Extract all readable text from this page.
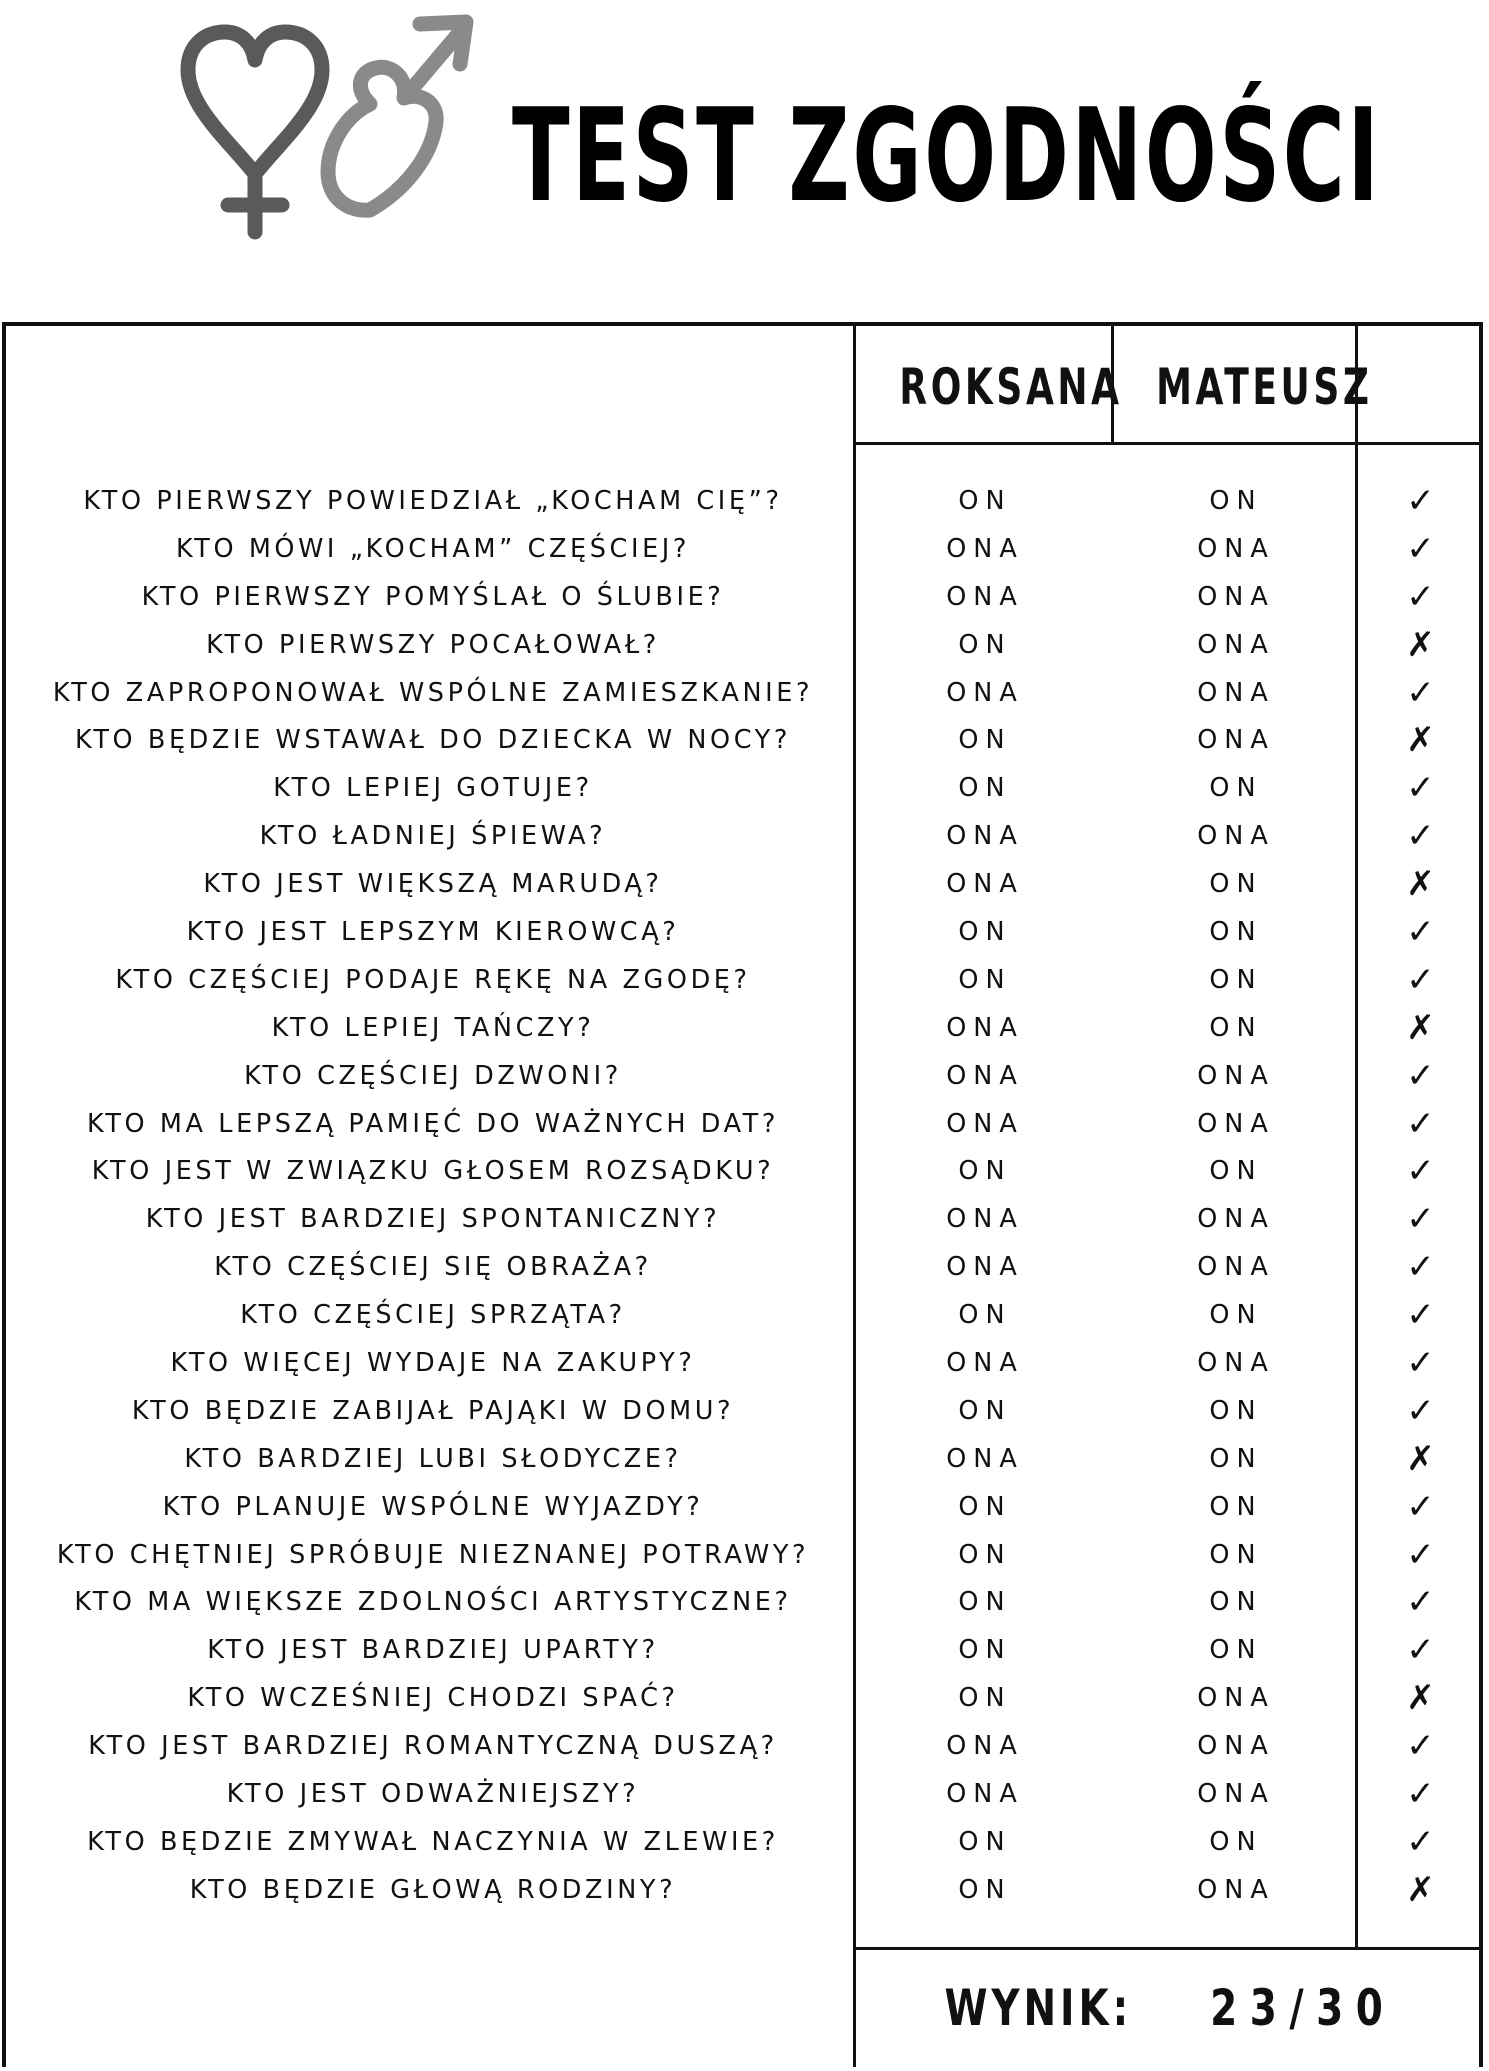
TEST ZGODNOŚCI
ROKSANA MATEUSZ
KTO PIERWSZY POWIEDZIAŁ „KOCHAM CIĘ”?	ON	ON	✓
KTO MÓWI „KOCHAM” CZĘŚCIEJ?	ONA	ONA	✓
KTO PIERWSZY POMYŚLAŁ O ŚLUBIE?	ONA	ONA	✓
KTO PIERWSZY POCAŁOWAŁ?	ON	ONA	✗
KTO ZAPROPONOWAŁ WSPÓLNE ZAMIESZKANIE?	ONA	ONA	✓
KTO BĘDZIE WSTAWAŁ DO DZIECKA W NOCY?	ON	ONA	✗
KTO LEPIEJ GOTUJE?	ON	ON	✓
KTO ŁADNIEJ ŚPIEWA?	ONA	ONA	✓
KTO JEST WIĘKSZĄ MARUDĄ?	ONA	ON	✗
KTO JEST LEPSZYM KIEROWCĄ?	ON	ON	✓
KTO CZĘŚCIEJ PODAJE RĘKĘ NA ZGODĘ?	ON	ON	✓
KTO LEPIEJ TAŃCZY?	ONA	ON	✗
KTO CZĘŚCIEJ DZWONI?	ONA	ONA	✓
KTO MA LEPSZĄ PAMIĘĆ DO WAŻNYCH DAT?	ONA	ONA	✓
KTO JEST W ZWIĄZKU GŁOSEM ROZSĄDKU?	ON	ON	✓
KTO JEST BARDZIEJ SPONTANICZNY?	ONA	ONA	✓
KTO CZĘŚCIEJ SIĘ OBRAŻA?	ONA	ONA	✓
KTO CZĘŚCIEJ SPRZĄTA?	ON	ON	✓
KTO WIĘCEJ WYDAJE NA ZAKUPY?	ONA	ONA	✓
KTO BĘDZIE ZABIJAŁ PAJĄKI W DOMU?	ON	ON	✓
KTO BARDZIEJ LUBI SŁODYCZE?	ONA	ON	✗
KTO PLANUJE WSPÓLNE WYJAZDY?	ON	ON	✓
KTO CHĘTNIEJ SPRÓBUJE NIEZNANEJ POTRAWY?	ON	ON	✓
KTO MA WIĘKSZE ZDOLNOŚCI ARTYSTYCZNE?	ON	ON	✓
KTO JEST BARDZIEJ UPARTY?	ON	ON	✓
KTO WCZEŚNIEJ CHODZI SPAĆ?	ON	ONA	✗
KTO JEST BARDZIEJ ROMANTYCZNĄ DUSZĄ?	ONA	ONA	✓
KTO JEST ODWAŻNIEJSZY?	ONA	ONA	✓
KTO BĘDZIE ZMYWAŁ NACZYNIA W ZLEWIE?	ON	ON	✓
KTO BĘDZIE GŁOWĄ RODZINY?	ON	ONA	✗
WYNIK: 23/30
